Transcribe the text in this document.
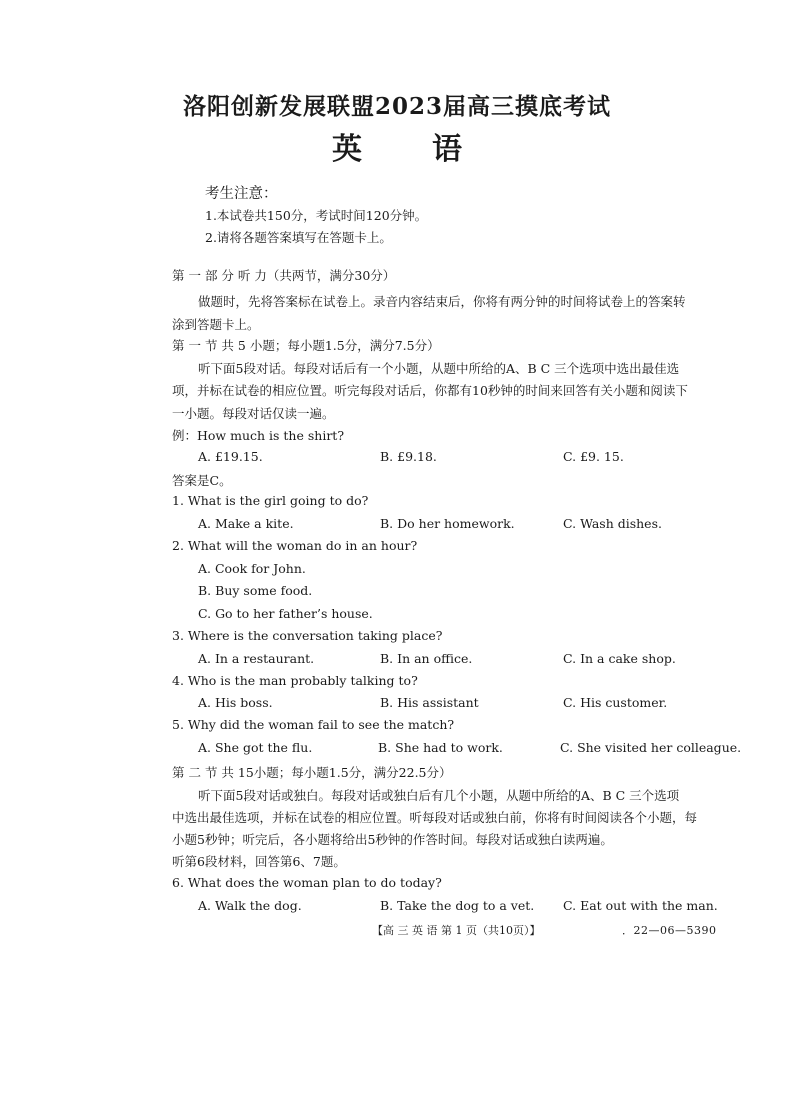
洛阳创新发展联盟2023届高三摸底考试
英 语
考生注意：
1.本试卷共150分，考试时间120分钟。
2.请将各题答案填写在答题卡上。
第 一 部 分 听 力（共两节，满分30分）
做题时，先将答案标在试卷上。录音内容结束后，你将有两分钟的时间将试卷上的答案转
涂到答题卡上。
第 一 节 共 5 小题；每小题1.5分，满分7.5分）
听下面5段对话。每段对话后有一个小题，从题中所给的A、B C 三个选项中选出最佳选
项，并标在试卷的相应位置。听完每段对话后，你都有10秒钟的时间来回答有关小题和阅读下
一小题。每段对话仅读一遍。
例：How much is the shirt?
A. £19.15.	B. £9.18.	C. £9. 15.
答案是C。
1. What is the girl going to do?
A. Make a kite.	B. Do her homework.	C. Wash dishes.
2. What will the woman do in an hour?
A. Cook for John.
B. Buy some food.
C. Go to her father’s house.
3. Where is the conversation taking place?
A. In a restaurant.	B. In an office.	C. In a cake shop.
4. Who is the man probably talking to?
A. His boss.	B. His assistant	C. His customer.
5. Why did the woman fail to see the match?
A. She got the flu.	B. She had to work.	C. She visited her colleague.
第 二 节 共 15小题；每小题1.5分，满分22.5分）
听下面5段对话或独白。每段对话或独白后有几个小题，从题中所给的A、B C 三个选项
中选出最佳选项，并标在试卷的相应位置。听每段对话或独白前，你将有时间阅读各个小题，每
小题5秒钟；听完后，各小题将给出5秒钟的作答时间。每段对话或独白读两遍。
听第6段材料，回答第6、7题。
6. What does the woman plan to do today?
A. Walk the dog.	B. Take the dog to a vet. C. Eat out with the man.
【高 三 英 语 第 1 页（共10页）】	．22—06—5390
